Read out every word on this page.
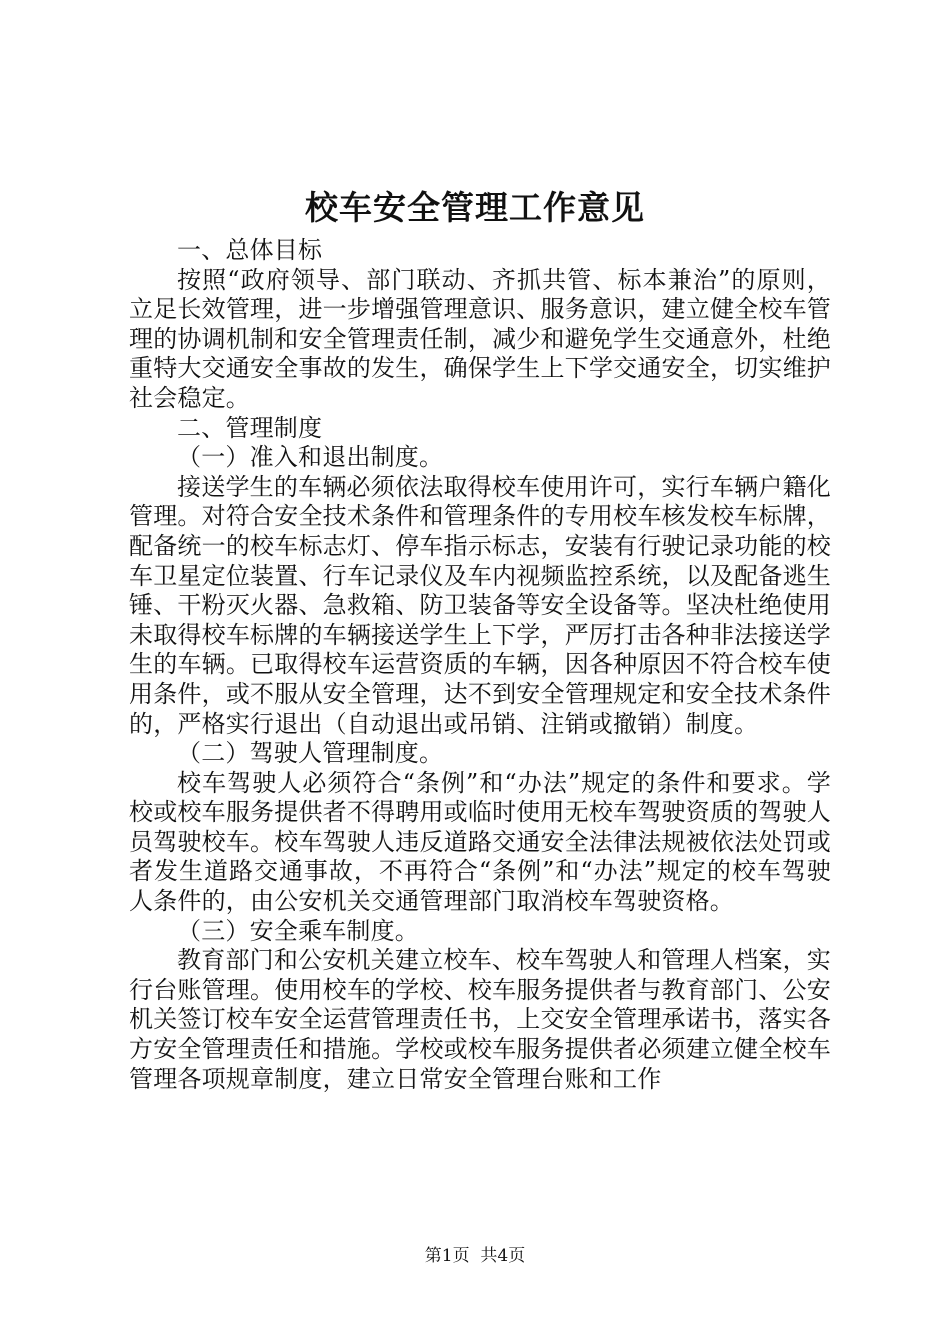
校车安全管理工作意见

一、总体目标

按照“政府领导、部门联动、齐抓共管、标本兼治”的原则，立足长效管理，进一步增强管理意识、服务意识，建立健全校车管理的协调机制和安全管理责任制，减少和避免学生交通意外，杜绝重特大交通安全事故的发生，确保学生上下学交通安全，切实维护社会稳定。

二、管理制度

（一）准入和退出制度。

接送学生的车辆必须依法取得校车使用许可，实行车辆户籍化管理。对符合安全技术条件和管理条件的专用校车核发校车标牌，配备统一的校车标志灯、停车指示标志，安装有行驶记录功能的校车卫星定位装置、行车记录仪及车内视频监控系统，以及配备逃生锤、干粉灭火器、急救箱、防卫装备等安全设备等。坚决杜绝使用未取得校车标牌的车辆接送学生上下学，严厉打击各种非法接送学生的车辆。已取得校车运营资质的车辆，因各种原因不符合校车使用条件，或不服从安全管理，达不到安全管理规定和安全技术条件的，严格实行退出（自动退出或吊销、注销或撤销）制度。

（二）驾驶人管理制度。

校车驾驶人必须符合“条例”和“办法”规定的条件和要求。学校或校车服务提供者不得聘用或临时使用无校车驾驶资质的驾驶人员驾驶校车。校车驾驶人违反道路交通安全法律法规被依法处罚或者发生道路交通事故，不再符合“条例”和“办法”规定的校车驾驶人条件的，由公安机关交通管理部门取消校车驾驶资格。

（三）安全乘车制度。

教育部门和公安机关建立校车、校车驾驶人和管理人档案，实行台账管理。使用校车的学校、校车服务提供者与教育部门、公安机关签订校车安全运营管理责任书，上交安全管理承诺书，落实各方安全管理责任和措施。学校或校车服务提供者必须建立健全校车管理各项规章制度，建立日常安全管理台账和工作

第1页 共4页
